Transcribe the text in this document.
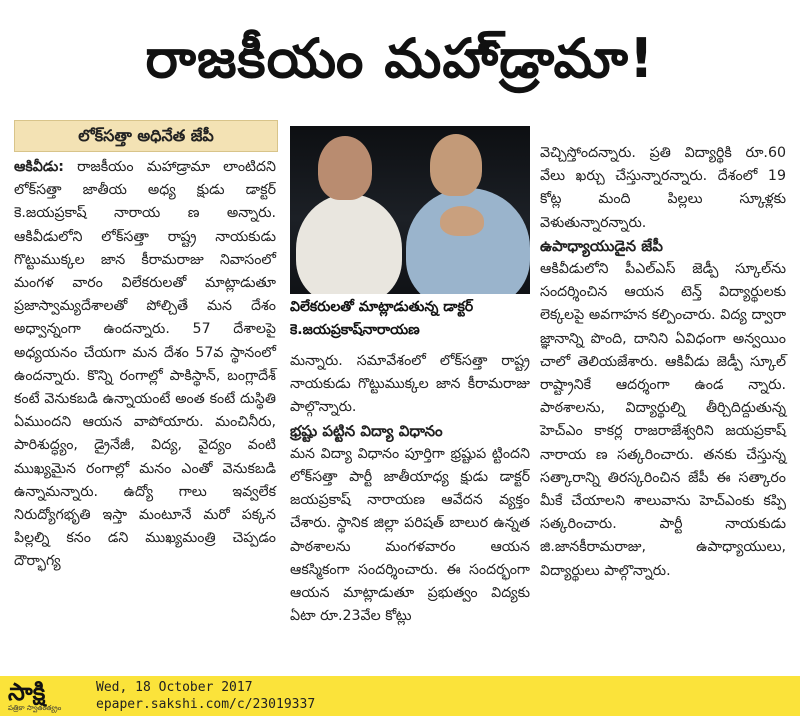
రాజకీయం మహా్డ్రామా!
లోక్‌సత్తా అధినేత జేపీ
ఆకివీడు: రాజకీయం మహాడ్రామా లాంటిదని లోక్‌సత్తా జాతీయ అధ్య క్షుడు డాక్టర్ కె.జయప్రకాష్ నారాయ ణ అన్నారు. ఆకివీడులోని లోక్‌సత్తా రాష్ట్ర నాయకుడు గొట్టుముక్కల జాన కీరామరాజు నివాసంలో మంగళ వారం విలేకరులతో మాట్లాడుతూ ప్రజాస్వామ్యదేశాలతో పోల్చితే మన దేశం అధ్వాన్నంగా ఉందన్నారు. 57 దేశాలపై అధ్యయనం చేయగా మన దేశం 57వ స్థానంలో ఉందన్నారు. కొన్ని రంగాల్లో పాకిస్థాన్, బంగ్లాదేశ్ కంటే వెనుకబడి ఉన్నాయంటే అంత కంటే దుస్థితి ఏముందని ఆయన వాపోయారు. మంచినీరు, పారిశుద్ధ్యం, డ్రైనేజీ, విద్య, వైద్యం వంటి ముఖ్యమైన రంగాల్లో మనం ఎంతో వెనుకబడి ఉన్నామన్నారు. ఉద్యో గాలు ఇవ్వలేక నిరుద్యోగభృతి ఇస్తా మంటూనే మరో పక్కన పిల్లల్ని కనం డని ముఖ్యమంత్రి చెప్పడం దౌర్భాగ్య
విలేకరులతో మాట్లాడుతున్న డాక్టర్ కె.జయప్రకాష్‌నారాయణ
మన్నారు. సమావేశంలో లోక్‌సత్తా రాష్ట్ర నాయకుడు గొట్టుముక్కల జాన కీరామరాజు పాల్గొన్నారు.
భ్రష్టు పట్టిన విద్యా విధానం
మన విద్యా విధానం పూర్తిగా భ్రష్టుప ట్టిందని లోక్‌సత్తా పార్టీ జాతీయాధ్య క్షుడు డాక్టర్ జయప్రకాష్ నారాయణ ఆవేదన వ్యక్తం చేశారు. స్థానిక జిల్లా పరిషత్ బాలుర ఉన్నత పాఠశాలను మంగళవారం ఆయన ఆకస్మికంగా సందర్శించారు. ఈ సందర్భంగా ఆయన మాట్లాడుతూ ప్రభుత్వం విద్యకు ఏటా రూ.23వేల కోట్లు
వెచ్చిస్తోందన్నారు. ప్రతి విద్యార్థికి రూ.60 వేలు ఖర్చు చేస్తున్నారన్నారు. దేశంలో 19 కోట్ల మంది పిల్లలు స్కూళ్లకు వెళుతున్నారన్నారు.
ఉపాధ్యాయుడైన జేపీ
ఆకివీడులోని పీఎల్ఎస్ జెడ్పీ స్కూల్‌ను సందర్శించిన ఆయన టెన్త్ విద్యార్థులకు లెక్కలపై అవగాహన కల్పించారు. విద్య ద్వారా జ్ఞానాన్ని పొంది, దానిని ఏవిధంగా అన్వయిం చాలో తెలియజేశారు. ఆకివీడు జెడ్పీ స్కూల్ రాష్ట్రానికే ఆదర్శంగా ఉండ న్నారు. పాఠశాలను, విద్యార్థుల్ని తీర్చిదిద్దుతున్న హెచ్ఎం కాకర్ల రాజరాజేశ్వరిని జయప్రకాష్ నారాయ ణ సత్కరించారు. తనకు చేస్తున్న సత్కారాన్ని తిరస్కరించిన జేపీ ఈ సత్కారం మీకే చేయాలని శాలువాను హెచ్ఎంకు కప్పి సత్కరించారు. పార్టీ నాయకుడు జి.జానకీరామరాజు, ఉపాధ్యాయులు, విద్యార్థులు పాల్గొన్నారు.
సాక్షి
పత్రికా స్వాతంత్య్రం
Wed, 18 October 2017
epaper.sakshi.com/c/23019337
